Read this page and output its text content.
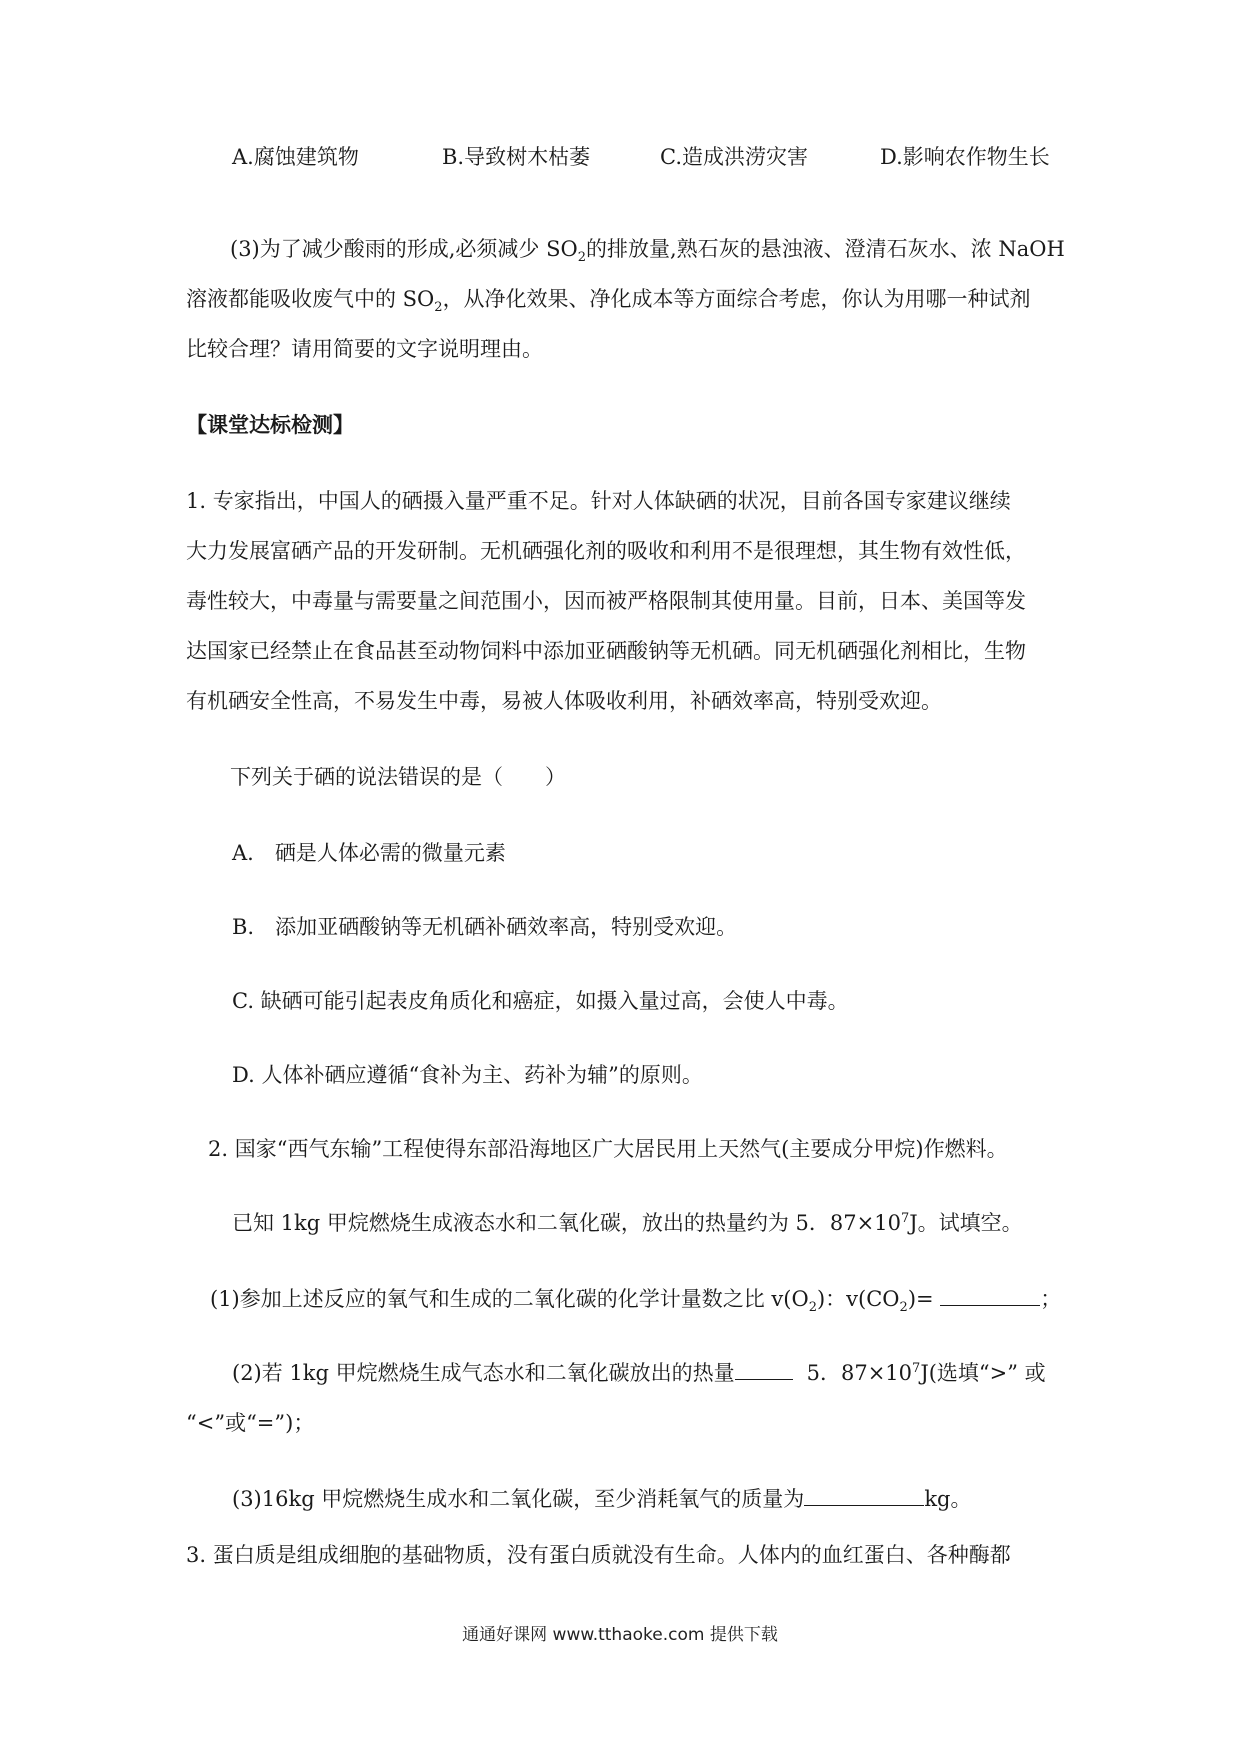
A.腐蚀建筑物	B.导致树木枯萎	C.造成洪涝灾害	D.影响农作物生长
(3)为了减少酸雨的形成,必须减少 $SO_2$的排放量,熟石灰的悬浊液、澄清石灰水、浓 NaOH
溶液都能吸收废气中的 $SO_2$，从净化效果、净化成本等方面综合考虑，你认为用哪一种试剂
比较合理？请用简要的文字说明理由。
【课堂达标检测】
1. 专家指出，中国人的硒摄入量严重不足。针对人体缺硒的状况，目前各国专家建议继续
大力发展富硒产品的开发研制。无机硒强化剂的吸收和利用不是很理想，其生物有效性低，
毒性较大，中毒量与需要量之间范围小，因而被严格限制其使用量。目前，日本、美国等发
达国家已经禁止在食品甚至动物饲料中添加亚硒酸钠等无机硒。同无机硒强化剂相比，生物
有机硒安全性高，不易发生中毒，易被人体吸收利用，补硒效率高，特别受欢迎。
下列关于硒的说法错误的是（　　）
A.　硒是人体必需的微量元素
B.　添加亚硒酸钠等无机硒补硒效率高，特别受欢迎。
C. 缺硒可能引起表皮角质化和癌症，如摄入量过高，会使人中毒。
D. 人体补硒应遵循“食补为主、药补为辅”的原则。
2. 国家“西气东输”工程使得东部沿海地区广大居民用上天然气(主要成分甲烷)作燃料。
已知 1kg 甲烷燃烧生成液态水和二氧化碳，放出的热量约为 5．$87\times 10^7J$。试填空。
(1)参加上述反应的氧气和生成的二氧化碳的化学计量数之比 $v(O_2)$：$v(CO_2)=$	；
(2)若 1kg 甲烷燃烧生成气态水和二氧化碳放出的热量	5．$87\times 10^7J$(选填“>” 或
“<”或“=”)；
(3)16kg 甲烷燃烧生成水和二氧化碳，至少消耗氧气的质量为	kg。
3. 蛋白质是组成细胞的基础物质，没有蛋白质就没有生命。人体内的血红蛋白、各种酶都
通通好课网 www.tthaoke.com 提供下载
